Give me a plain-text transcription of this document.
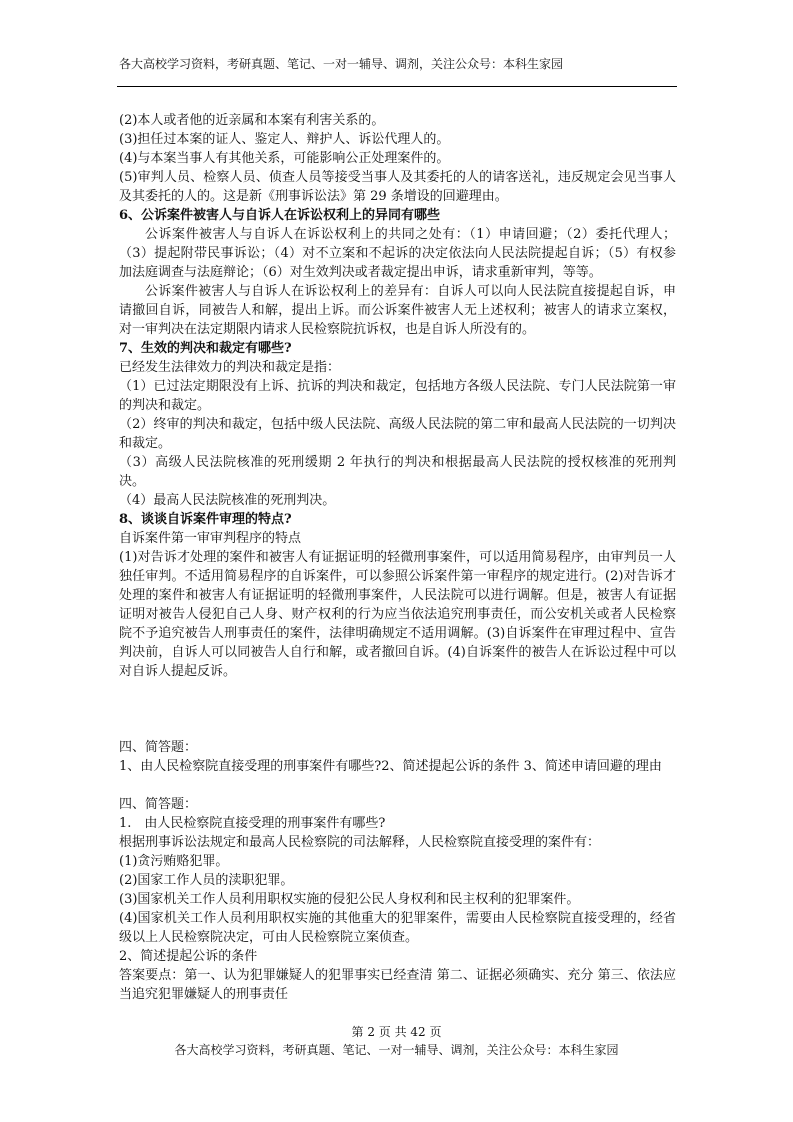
各大高校学习资料，考研真题、笔记、一对一辅导、调剂，关注公众号：本科生家园

(2)本人或者他的近亲属和本案有利害关系的。

(3)担任过本案的证人、鉴定人、辩护人、诉讼代理人的。

(4)与本案当事人有其他关系，可能影响公正处理案件的。

(5)审判人员、检察人员、侦查人员等接受当事人及其委托的人的请客送礼，违反规定会见当事人及其委托的人的。这是新《刑事诉讼法》第 29 条增设的回避理由。

6、公诉案件被害人与自诉人在诉讼权利上的异同有哪些

公诉案件被害人与自诉人在诉讼权利上的共同之处有：（1）申请回避；（2）委托代理人；（3）提起附带民事诉讼；（4）对不立案和不起诉的决定依法向人民法院提起自诉；（5）有权参加法庭调查与法庭辩论；（6）对生效判决或者裁定提出申诉，请求重新审判，等等。

公诉案件被害人与自诉人在诉讼权利上的差异有：自诉人可以向人民法院直接提起自诉，申请撤回自诉，同被告人和解，提出上诉。而公诉案件被害人无上述权利；被害人的请求立案权，对一审判决在法定期限内请求人民检察院抗诉权，也是自诉人所没有的。

7、生效的判决和裁定有哪些?

已经发生法律效力的判决和裁定是指：

（1）已过法定期限没有上诉、抗诉的判决和裁定，包括地方各级人民法院、专门人民法院第一审的判决和裁定。

（2）终审的判决和裁定，包括中级人民法院、高级人民法院的第二审和最高人民法院的一切判决和裁定。

（3）高级人民法院核准的死刑缓期 2 年执行的判决和根据最高人民法院的授权核准的死刑判决。

（4）最高人民法院核准的死刑判决。

8、谈谈自诉案件审理的特点?

自诉案件第一审审判程序的特点

(1)对告诉才处理的案件和被害人有证据证明的轻微刑事案件，可以适用简易程序，由审判员一人独任审判。不适用简易程序的自诉案件，可以参照公诉案件第一审程序的规定进行。(2)对告诉才处理的案件和被害人有证据证明的轻微刑事案件，人民法院可以进行调解。但是，被害人有证据证明对被告人侵犯自己人身、财产权利的行为应当依法追究刑事责任，而公安机关或者人民检察院不予追究被告人刑事责任的案件，法律明确规定不适用调解。(3)自诉案件在审理过程中、宣告判决前，自诉人可以同被告人自行和解，或者撤回自诉。(4)自诉案件的被告人在诉讼过程中可以对自诉人提起反诉。

四、简答题：

1、由人民检察院直接受理的刑事案件有哪些?2、简述提起公诉的条件 3、简述申请回避的理由

四、简答题：

1.　由人民检察院直接受理的刑事案件有哪些?

根据刑事诉讼法规定和最高人民检察院的司法解释，人民检察院直接受理的案件有：

(1)贪污贿赂犯罪。

(2)国家工作人员的渎职犯罪。

(3)国家机关工作人员利用职权实施的侵犯公民人身权利和民主权利的犯罪案件。

(4)国家机关工作人员利用职权实施的其他重大的犯罪案件，需要由人民检察院直接受理的，经省级以上人民检察院决定，可由人民检察院立案侦查。

2、简述提起公诉的条件

答案要点：第一、认为犯罪嫌疑人的犯罪事实已经查清 第二、证据必须确实、充分 第三、依法应当追究犯罪嫌疑人的刑事责任

第 2 页 共 42 页
各大高校学习资料，考研真题、笔记、一对一辅导、调剂，关注公众号：本科生家园
